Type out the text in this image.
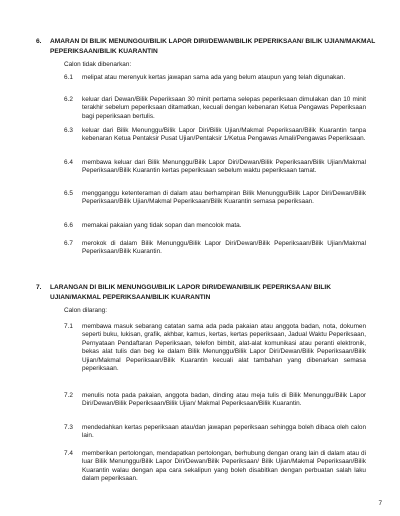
6. AMARAN DI BILIK MENUNGGU/BILIK LAPOR DIRI/DEWAN/BILIK PEPERIKSAAN/ BILIK UJIAN/MAKMAL PEPERIKSAAN/BILIK KUARANTIN
Calon tidak dibenarkan:
6.1 melipat atau merenyuk kertas jawapan sama ada yang belum ataupun yang telah digunakan.
6.2 keluar dari Dewan/Bilik Peperiksaan 30 minit pertama selepas peperiksaan dimulakan dan 10 minit terakhir sebelum peperiksaan ditamatkan, kecuali dengan kebenaran Ketua Pengawas Peperiksaan bagi peperiksaan bertulis.
6.3 keluar dari Bilik Menunggu/Bilik Lapor Diri/Bilik Ujian/Makmal Peperiksaan/Bilik Kuarantin tanpa kebenaran Ketua Pentaksir Pusat Ujian/Pentaksir 1/Ketua Pengawas Amali/Pengawas Peperiksaan.
6.4 membawa keluar dari Bilik Menunggu/Bilik Lapor Diri/Dewan/Bilik Peperiksaan/Bilik Ujian/Makmal Peperiksaan/Bilik Kuarantin kertas peperiksaan sebelum waktu peperiksaan tamat.
6.5 mengganggu ketenteraman di dalam atau berhampiran Bilik Menunggu/Bilik Lapor Diri/Dewan/Bilik Peperiksaan/Bilik Ujian/Makmal Peperiksaan/Bilik Kuarantin semasa peperiksaan.
6.6 memakai pakaian yang tidak sopan dan mencolok mata.
6.7 merokok di dalam Bilik Menunggu/Bilik Lapor Diri/Dewan/Bilik Peperiksaan/Bilik Ujian/Makmal Peperiksaan/Bilik Kuarantin.
7. LARANGAN DI BILIK MENUNGGU/BILIK LAPOR DIRI/DEWAN/BILIK PEPERIKSAAN/ BILIK UJIAN/MAKMAL PEPERIKSAAN/BILIK KUARANTIN
Calon dilarang:
7.1 membawa masuk sebarang catatan sama ada pada pakaian atau anggota badan, nota, dokumen seperti buku, lukisan, grafik, akhbar, kamus, kertas, kertas peperiksaan, Jadual Waktu Peperiksaan, Pernyataan Pendaftaran Peperiksaan, telefon bimbit, alat-alat komunikasi atau peranti elektronik, bekas alat tulis dan beg ke dalam Bilik Menunggu/Bilik Lapor Diri/Dewan/Bilik Peperiksaan/Bilik Ujian/Makmal Peperiksaan/Bilik Kuarantin kecuali alat tambahan yang dibenarkan semasa peperiksaan.
7.2 menulis nota pada pakaian, anggota badan, dinding atau meja tulis di Bilik Menunggu/Bilik Lapor Diri/Dewan/Bilik Peperiksaan/Bilik Ujian/ Makmal Peperiksaan/Bilik Kuarantin.
7.3 mendedahkan kertas peperiksaan atau/dan jawapan peperiksaan sehingga boleh dibaca oleh calon lain.
7.4 memberikan pertolongan, mendapatkan pertolongan, berhubung dengan orang lain di dalam atau di luar Bilik Menunggu/Bilik Lapor Diri/Dewan/Bilik Peperiksaan/ Bilik Ujian/Makmal Peperiksaan/Bilik Kuarantin walau dengan apa cara sekalipun yang boleh disabitkan dengan perbuatan salah laku dalam peperiksaan.
7
